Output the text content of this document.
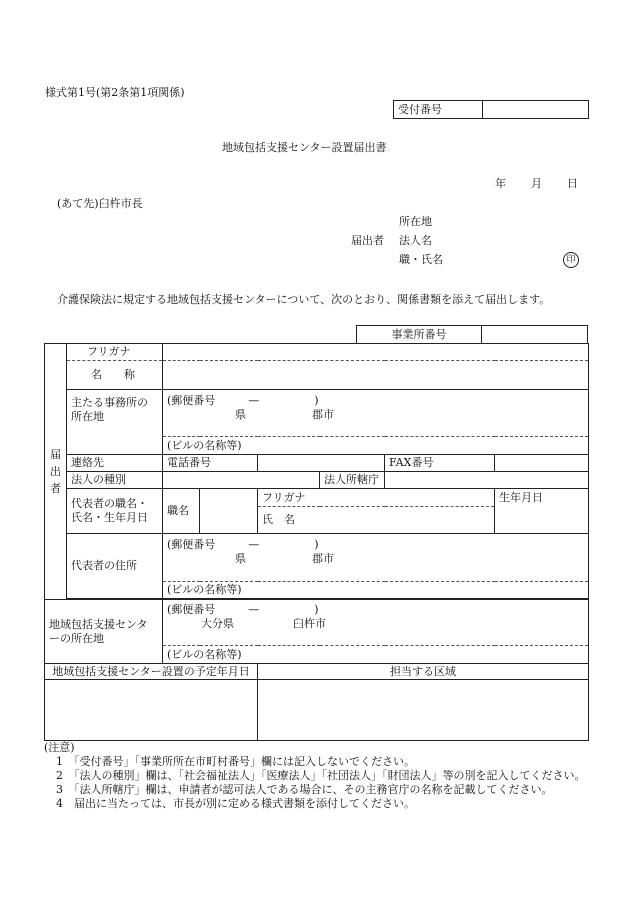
様式第1号(第2条第1項関係)
受付番号	
地域包括支援センター設置届出書
年 月 日
(あて先)臼杵市長
所在地
届出者 法人名
職・氏名	印
介護保険法に規定する地域包括支援センターについて、次のとおり、関係書類を添えて届出します。
事業所番号	
届
出
者	フリガナ						
	名　　称						
	主たる事務所の所在地	(郵便番号　　　—　　　　　)
県 郡市					

		(ビルの名称等)					
	連絡先	電話番号				FAX番号	
	法人の種別				法人所轄庁		
	代表者の職名・氏名・生年月日	職名		フリガナ			生年月日
				氏　名			
	代表者の住所	(郵便番号　　　—　　　　　)
県 郡市					

		(ビルの名称等)					

地域包括支援センターの所在地		(郵便番号　　　—　　　　　)
大分県 臼杵市					

		(ビルの名称等)					
地域包括支援センター設置の予定年月日				担当する区域			

(注意)
1　「受付番号」「事業所所在市町村番号」欄には記入しないでください。
2　「法人の種別」欄は、「社会福祉法人」「医療法人」「社団法人」「財団法人」等の別を記入してください。
3　「法人所轄庁」欄は、申請者が認可法人である場合に、その主務官庁の名称を記載してください。
4　届出に当たっては、市長が別に定める様式書類を添付してください。
